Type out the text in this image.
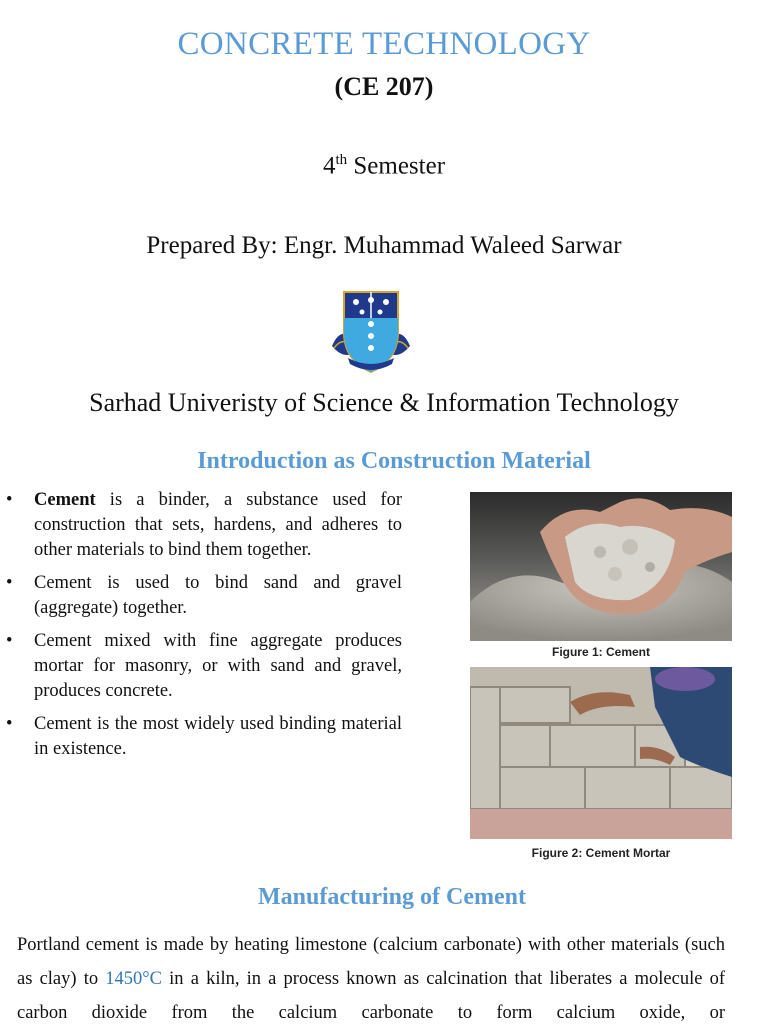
CONCRETE TECHNOLOGY
(CE 207)
4th Semester
Prepared By: Engr. Muhammad Waleed Sarwar
Sarhad Univeristy of Science & Information Technology
Introduction as Construction Material
• Cement is a binder, a substance used for construction that sets, hardens, and adheres to other materials to bind them together.
• Cement is used to bind sand and gravel (aggregate) together.
• Cement mixed with fine aggregate produces mortar for masonry, or with sand and gravel, produces concrete.
• Cement is the most widely used binding material in existence.
Figure 1: Cement
Figure 2: Cement Mortar
Manufacturing of Cement
Portland cement is made by heating limestone (calcium carbonate) with other materials (such as clay) to 1450°C in a kiln, in a process known as calcination that liberates a molecule of carbon dioxide from the calcium carbonate to form calcium oxide, or
